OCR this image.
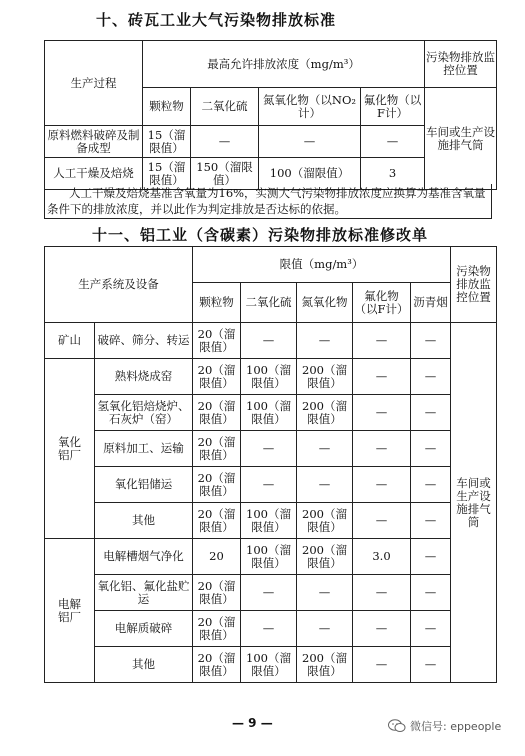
十、砖瓦工业大气污染物排放标准
生产过程	最高允许排放浓度（mg/m³）				污染物排放监控位置
	颗粒物	二氧化硫	氮氧化物（以NO₂计）	氟化物（以F计）	车间或生产设施排气筒
原料燃料破碎及制备成型	15（溜限值）	—	—	—	
人工干燥及焙烧	15（溜限值）	150（溜限值）	100（溜限值）	3	
人工干燥及焙烧基准含氧量为16%，实测大气污染物排放浓度应换算为基准含氧量条件下的排放浓度，并以此作为判定排放是否达标的依据。
十一、铝工业（含碳素）污染物排放标准修改单
生产系统及设备		限值（mg/m³）					污染物排放监控位置
		颗粒物	二氧化硫	氮氧化物	氟化物（以F计）	沥青烟	
矿山	破碎、筛分、转运	20（溜限值）	—	—	—	—	车间或生产设施排气筒
氧化铝厂	熟料烧成窑	20（溜限值）	100（溜限值）	200（溜限值）	—	—	
	氢氧化铝焙烧炉、石灰炉（窑）	20（溜限值）	100（溜限值）	200（溜限值）	—	—	
	原料加工、运输	20（溜限值）	—	—	—	—	
	氧化铝储运	20（溜限值）	—	—	—	—	
	其他	20（溜限值）	100（溜限值）	200（溜限值）	—	—	
电解铝厂	电解槽烟气净化	20	100（溜限值）	200（溜限值）	3.0	—	
	氧化铝、氟化盐贮运	20（溜限值）	—	—	—	—	
	电解质破碎	20（溜限值）	—	—	—	—	
	其他	20（溜限值）	100（溜限值）	200（溜限值）	—	—	
— 9 —	微信号: eppeople
